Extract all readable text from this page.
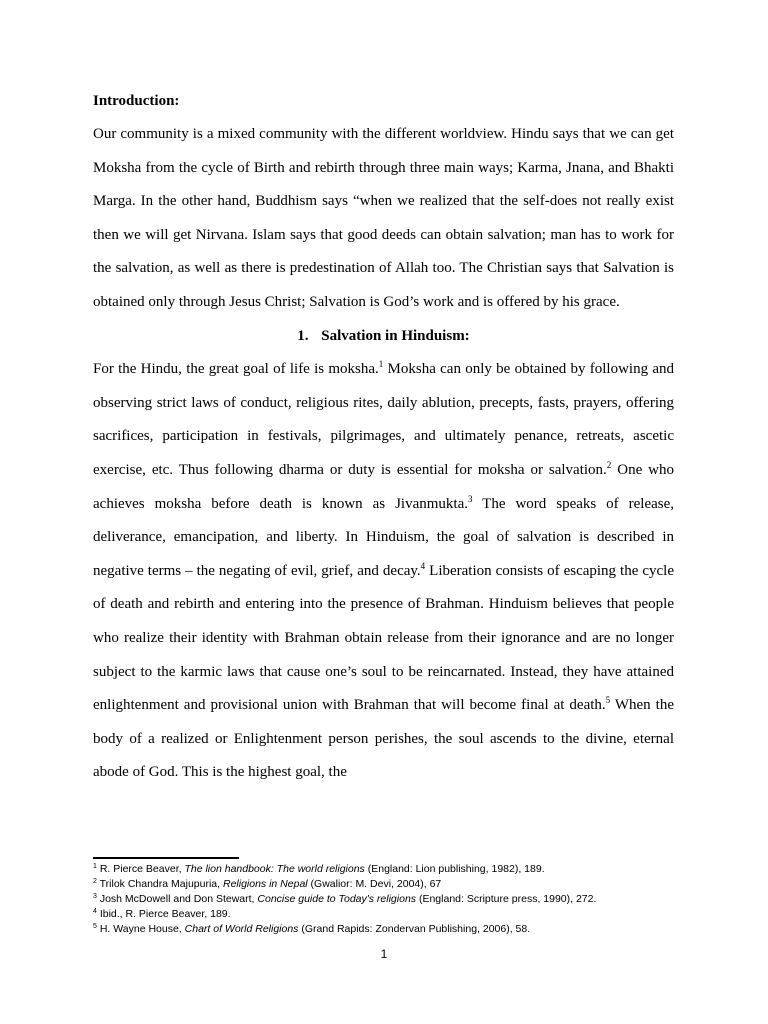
Introduction:

Our community is a mixed community with the different worldview. Hindu says that we can get Moksha from the cycle of Birth and rebirth through three main ways; Karma, Jnana, and Bhakti Marga. In the other hand, Buddhism says “when we realized that the self-does not really exist then we will get Nirvana. Islam says that good deeds can obtain salvation; man has to work for the salvation, as well as there is predestination of Allah too. The Christian says that Salvation is obtained only through Jesus Christ; Salvation is God’s work and is offered by his grace.

1. Salvation in Hinduism:

For the Hindu, the great goal of life is moksha.$^1$ Moksha can only be obtained by following and observing strict laws of conduct, religious rites, daily ablution, precepts, fasts, prayers, offering sacrifices, participation in festivals, pilgrimages, and ultimately penance, retreats, ascetic exercise, etc. Thus following dharma or duty is essential for moksha or salvation.$^2$ One who achieves moksha before death is known as Jivanmukta.$^3$ The word speaks of release, deliverance, emancipation, and liberty. In Hinduism, the goal of salvation is described in negative terms – the negating of evil, grief, and decay.$^4$ Liberation consists of escaping the cycle of death and rebirth and entering into the presence of Brahman. Hinduism believes that people who realize their identity with Brahman obtain release from their ignorance and are no longer subject to the karmic laws that cause one’s soul to be reincarnated. Instead, they have attained enlightenment and provisional union with Brahman that will become final at death.$^5$ When the body of a realized or Enlightenment person perishes, the soul ascends to the divine, eternal abode of God. This is the highest goal, the

$^1$ R. Pierce Beaver, The lion handbook: The world religions (England: Lion publishing, 1982), 189.
$^2$ Trilok Chandra Majupuria, Religions in Nepal (Gwalior: M. Devi, 2004), 67
$^3$ Josh McDowell and Don Stewart, Concise guide to Today's religions (England: Scripture press, 1990), 272.
$^4$ Ibid., R. Pierce Beaver, 189.
$^5$ H. Wayne House, Chart of World Religions (Grand Rapids: Zondervan Publishing, 2006), 58.
1
